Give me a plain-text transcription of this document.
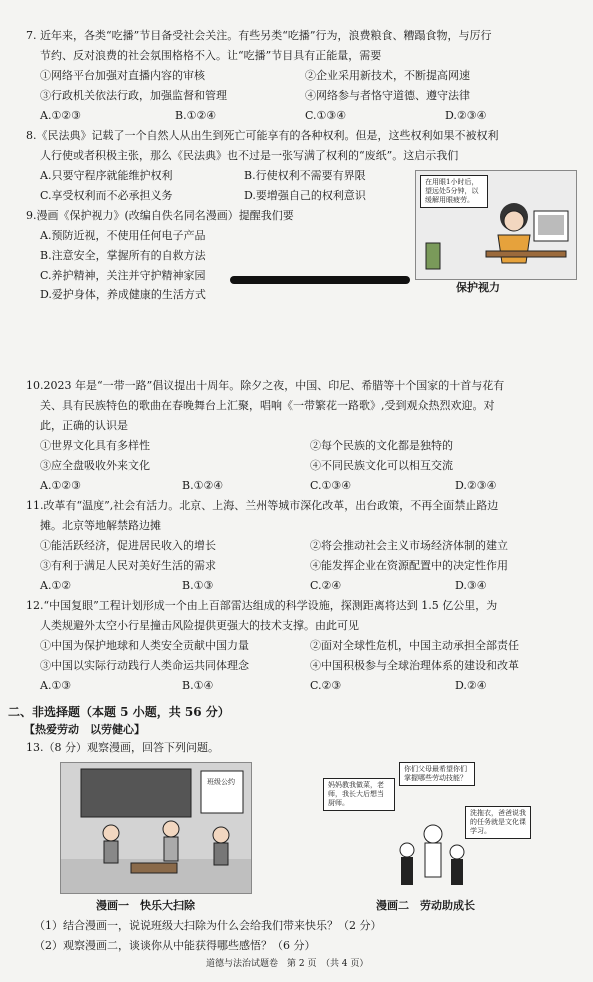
7. 近年来，各类“吃播”节目备受社会关注。有些另类“吃播”行为，浪费粮食、糟蹋食物，与厉行
节约、反对浪费的社会氛围格格不入。让“吃播”节目具有正能量，需要
①网络平台加强对直播内容的审核	②企业采用新技术，不断提高网速
③行政机关依法行政，加强监督和管理	④网络参与者恪守道德、遵守法律
A.①②③	B.①②④	C.①③④	D.②③④
8.《民法典》记载了一个自然人从出生到死亡可能享有的各种权利。但是，这些权利如果不被权利
人行使或者积极主张，那么《民法典》也不过是一张写满了权利的“废纸”。这启示我们
A.只要守程序就能维护权利	B.行使权利不需要有界限
C.享受权利而不必承担义务	D.要增强自己的权利意识
9.漫画《保护视力》(改编自佚名同名漫画）提醒我们要
A.预防近视，不使用任何电子产品
B.注意安全，掌握所有的自救方法
C.养护精神，关注并守护精神家园
D.爱护身体，养成健康的生活方式
在用眼1小时后，望远处5分钟，以缓解用眼疲劳。
保护视力
10.2023 年是“一带一路”倡议提出十周年。除夕之夜，中国、印尼、希腊等十个国家的十首与花有
关、具有民族特色的歌曲在春晚舞台上汇聚，唱响《一带繁花一路歌》,受到观众热烈欢迎。对
此，正确的认识是
①世界文化具有多样性	②每个民族的文化都是独特的
③应全盘吸收外来文化	④不同民族文化可以相互交流
A.①②③	B.①②④	C.①③④	D.②③④
11.改革有“温度”,社会有活力。北京、上海、兰州等城市深化改革，出台政策，不再全面禁止路边
摊。北京等地解禁路边摊
①能活跃经济，促进居民收入的增长	②将会推动社会主义市场经济体制的建立
③有利于满足人民对美好生活的需求	④能发挥企业在资源配置中的决定性作用
A.①②	B.①③	C.②④	D.③④
12.“中国复眼”工程计划形成一个由上百部雷达组成的科学设施，探测距离将达到 1.5 亿公里，为
人类规避外太空小行星撞击风险提供更强大的技术支撑。由此可见
①中国为保护地球和人类安全贡献中国力量	②面对全球性危机，中国主动承担全部责任
③中国以实际行动践行人类命运共同体理念	④中国积极参与全球治理体系的建设和改革
A.①③	B.①④	C.②③	D.②④
二、非选择题（本题 5 小题，共 56 分）
【热爱劳动　以劳健心】
13.（8 分）观察漫画，回答下列问题。
班级公约
漫画一　快乐大扫除
妈妈教我做菜，老师，我长大后想当厨师。
你们父母最希望你们掌握哪些劳动技能？
洗拖衣，爸爸说我的任务就是文化课学习。
漫画二　劳动助成长
（1）结合漫画一，说说班级大扫除为什么会给我们带来快乐？（2 分）
（2）观察漫画二，谈谈你从中能获得哪些感悟？（6 分）
道德与法治试题卷　第 2 页　（共 4 页）
